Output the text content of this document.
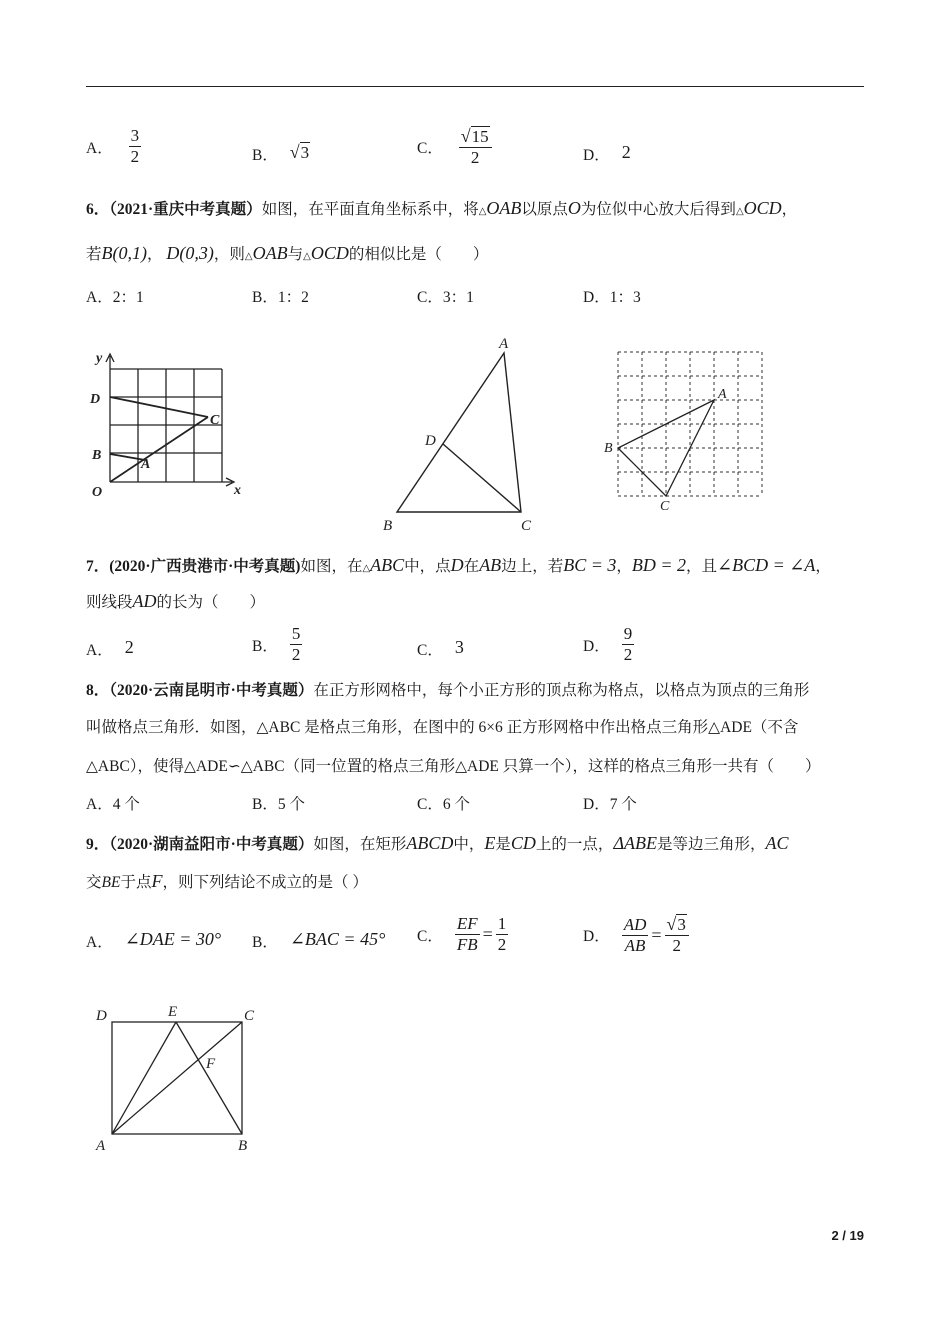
A． $\frac{3}{2}$	B． √ 3	C． $\frac{√ 15}{2}$	D． 2
6．（2021·重庆中考真题）如图，在平面直角坐标系中，将△OAB以原点O为位似中心放大后得到△OCD，
若B(0,1)， D(0,3)，则△OAB与△OCD的相似比是（　　）
A．2：1	B．1：2	C．3：1	D．1：3
y
x
D
C
B
A
O
A
D
B	C
A
B
C
7．(2020·广西贵港市·中考真题)如图，在△ABC中，点D在AB边上，若BC = 3，BD = 2，且∠BCD = ∠A，
则线段AD的长为（　　）
A． 2	B． $\frac{5}{2}$	C． 3	D． $\frac{9}{2}$
8．（2020·云南昆明市·中考真题）在正方形网格中，每个小正方形的顶点称为格点，以格点为顶点的三角形
叫做格点三角形．如图，△ABC 是格点三角形，在图中的 6×6 正方形网格中作出格点三角形△ADE（不含
△ABC），使得△ADE∽△ABC（同一位置的格点三角形△ADE 只算一个），这样的格点三角形一共有（　　）
A．4 个	B．5 个	C．6 个	D．7 个
9．（2020·湖南益阳市·中考真题）如图，在矩形ABCD中，E是CD上的一点，ΔABE是等边三角形，AC
交BE于点F，则下列结论不成立的是（ ）
A． ∠DAE = 30° B． ∠BAC = 45° C． $\frac{EF}{FB} = \frac{1}{2}$	D． $\frac{AD}{AB} = \frac{√ 3}{2}$
D	E	C
F
A	B
2 / 19
